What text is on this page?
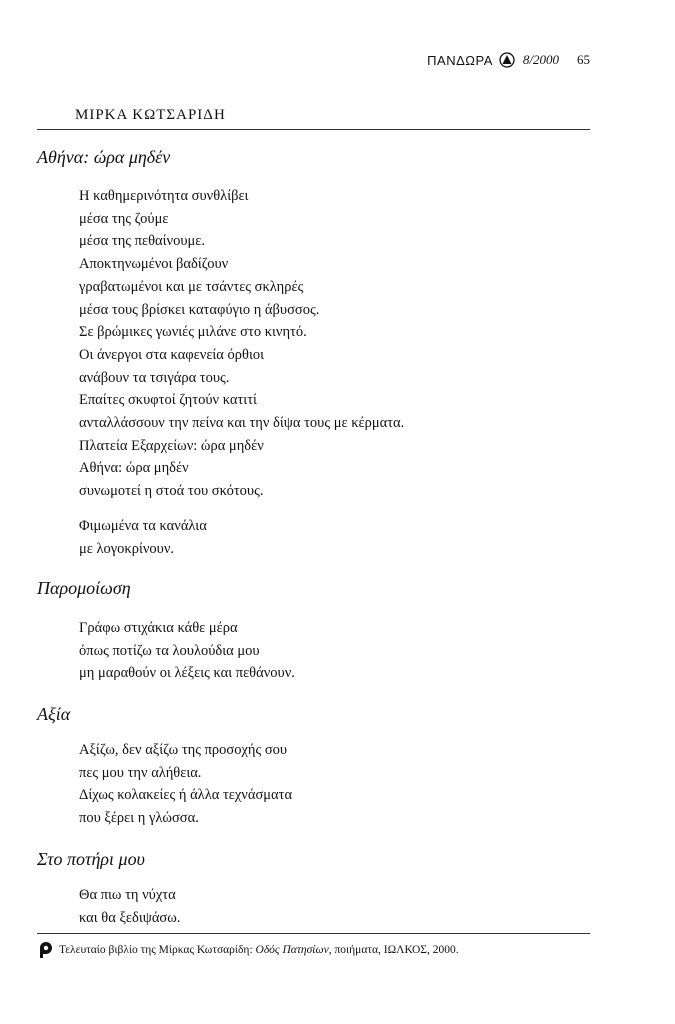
ΠΑΝΔΩΡΑ 8/2000 65
ΜΙΡΚΑ ΚΩΤΣΑΡΙΔΗ
Αθήνα: ώρα μηδέν
Η καθημερινότητα συνθλίβει
μέσα της ζούμε
μέσα της πεθαίνουμε.
Αποκτηνωμένοι βαδίζουν
γραβατωμένοι και με τσάντες σκληρές
μέσα τους βρίσκει καταφύγιο η άβυσσος.
Σε βρώμικες γωνιές μιλάνε στο κινητό.
Οι άνεργοι στα καφενεία όρθιοι
ανάβουν τα τσιγάρα τους.
Επαίτες σκυφτοί ζητούν κατιτί
ανταλλάσσουν την πείνα και την δίψα τους με κέρματα.
Πλατεία Εξαρχείων: ώρα μηδέν
Αθήνα: ώρα μηδέν
συνωμοτεί η στοά του σκότους.
Φιμωμένα τα κανάλια
με λογοκρίνουν.
Παρομοίωση
Γράφω στιχάκια κάθε μέρα
όπως ποτίζω τα λουλούδια μου
μη μαραθούν οι λέξεις και πεθάνουν.
Αξία
Αξίζω, δεν αξίζω της προσοχής σου
πες μου την αλήθεια.
Δίχως κολακείες ή άλλα τεχνάσματα
που ξέρει η γλώσσα.
Στο ποτήρι μου
Θα πιω τη νύχτα
και θα ξεδιψάσω.
Τελευταίο βιβλίο της Μίρκας Κωτσαρίδη: Οδός Πατησίων, ποιήματα, ΙΩΛΚΟΣ, 2000.
